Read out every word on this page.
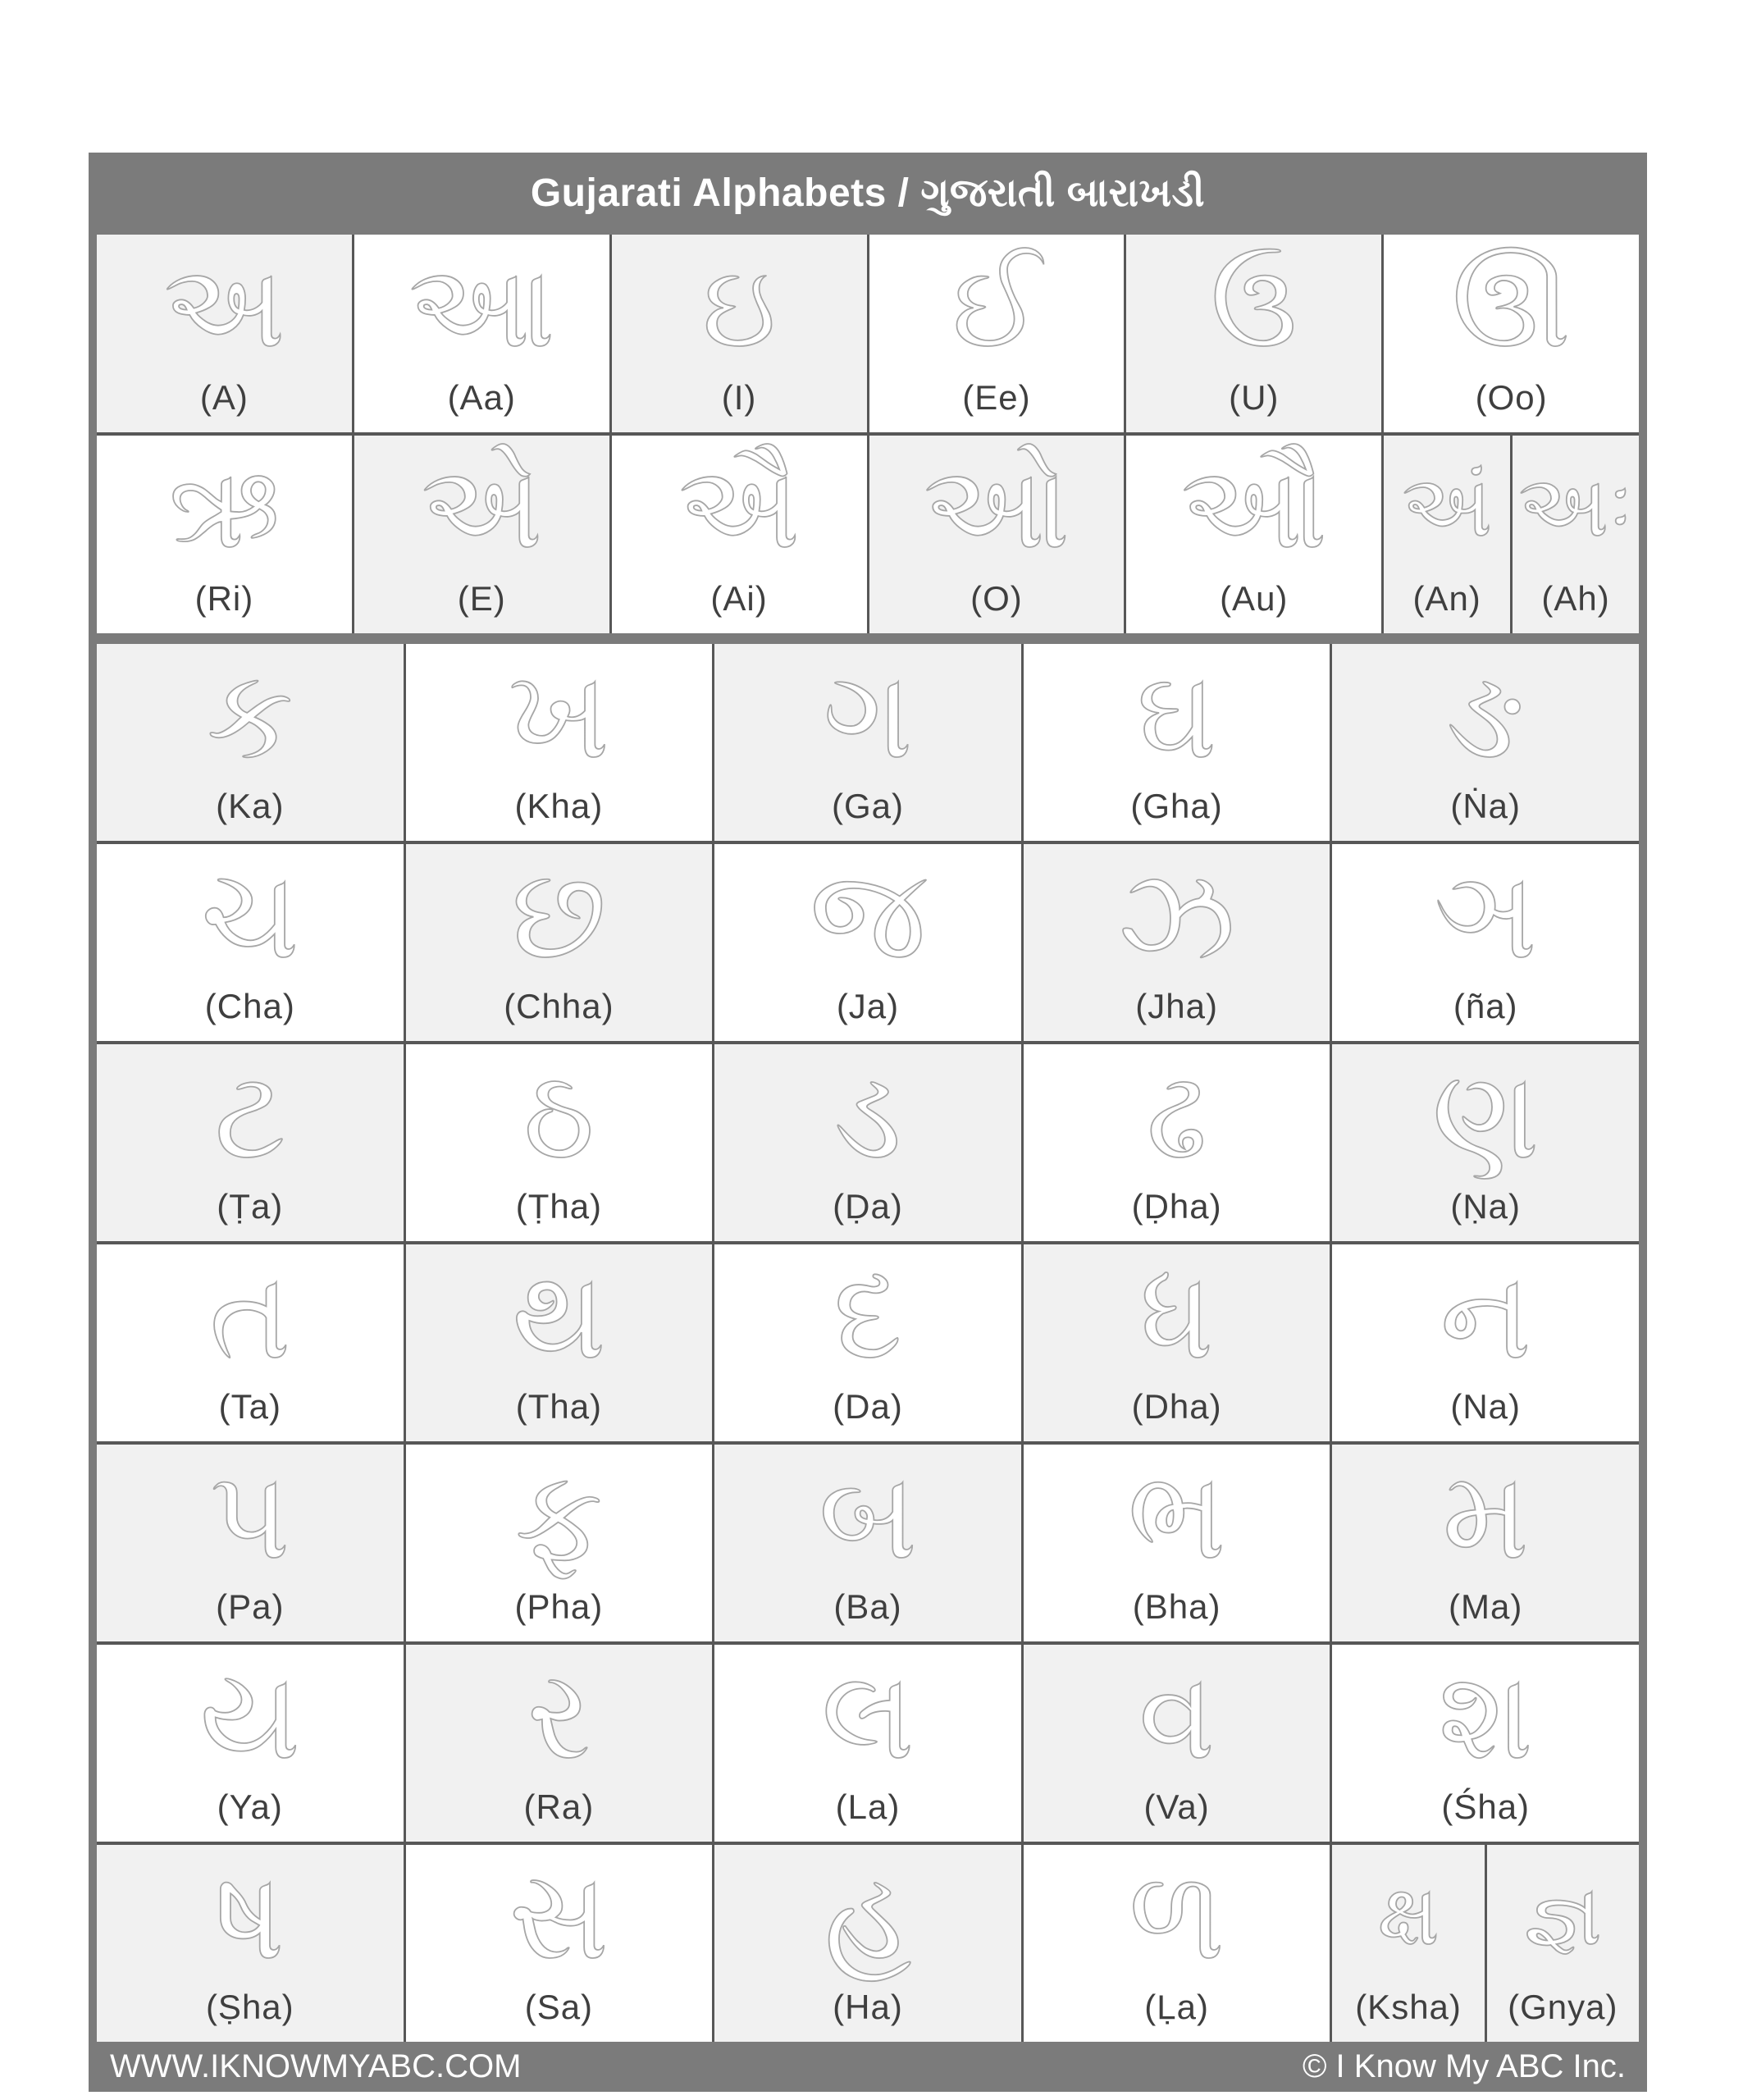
Gujarati Alphabets / ગુજરાતી બારાખડી
અ
(A)
આ
(Aa)
ઇ
(I)
ઈ
(Ee)
ઉ
(U)
ઊ
(Oo)
ઋ
(Ri)
એ
(E)
ઐ
(Ai)
ઓ
(O)
ઔ
(Au)
અં
(An)
અઃ
(Ah)
ક
(Ka)
ખ
(Kha)
ગ
(Ga)
ઘ
(Gha)
ઙ
(Ṅa)
ચ
(Cha)
છ
(Chha)
જ
(Ja)
ઝ
(Jha)
ઞ
(ña)
ટ
(Ṭa)
ઠ
(Ṭha)
ડ
(Ḍa)
ઢ
(Ḍha)
ણ
(Ṇa)
ત
(Ta)
થ
(Tha)
દ
(Da)
ધ
(Dha)
ન
(Na)
પ
(Pa)
ફ
(Pha)
બ
(Ba)
ભ
(Bha)
મ
(Ma)
ય
(Ya)
ર
(Ra)
લ
(La)
વ
(Va)
શ
(Śha)
ષ
(Ṣha)
સ
(Sa)
હ
(Ha)
ળ
(Ḷa)
ક્ષ
(Ksha)
જ્ઞ
(Gnya)
WWW.IKNOWMYABC.COM	© I Know My ABC Inc.
